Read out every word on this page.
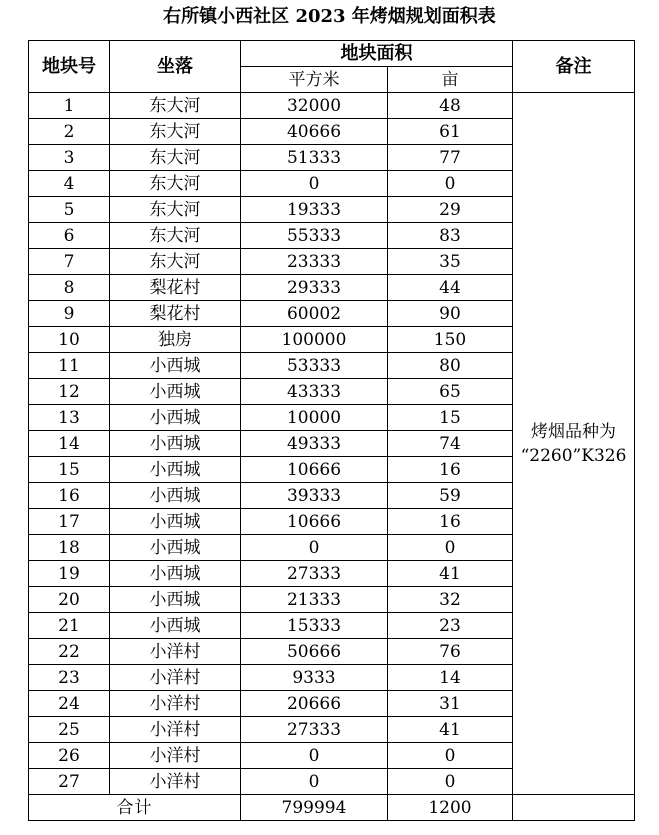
右所镇小西社区 2023 年烤烟规划面积表
地块号	坐落	地块面积		备注
		平方米	亩	
1	东大河	32000	48	烤烟品种为
“2260”K326

2	东大河	40666	61	
3	东大河	51333	77	
4	东大河	0	0	
5	东大河	19333	29	
6	东大河	55333	83	
7	东大河	23333	35	
8	梨花村	29333	44	
9	梨花村	60002	90	
10	独房	100000	150	
11	小西城	53333	80	
12	小西城	43333	65	
13	小西城	10000	15	
14	小西城	49333	74	
15	小西城	10666	16	
16	小西城	39333	59	
17	小西城	10666	16	
18	小西城	0	0	
19	小西城	27333	41	
20	小西城	21333	32	
21	小西城	15333	23	
22	小洋村	50666	76	
23	小洋村	9333	14	
24	小洋村	20666	31	
25	小洋村	27333	41	
26	小洋村	0	0	
27	小洋村	0	0	
合计		799994	1200	
